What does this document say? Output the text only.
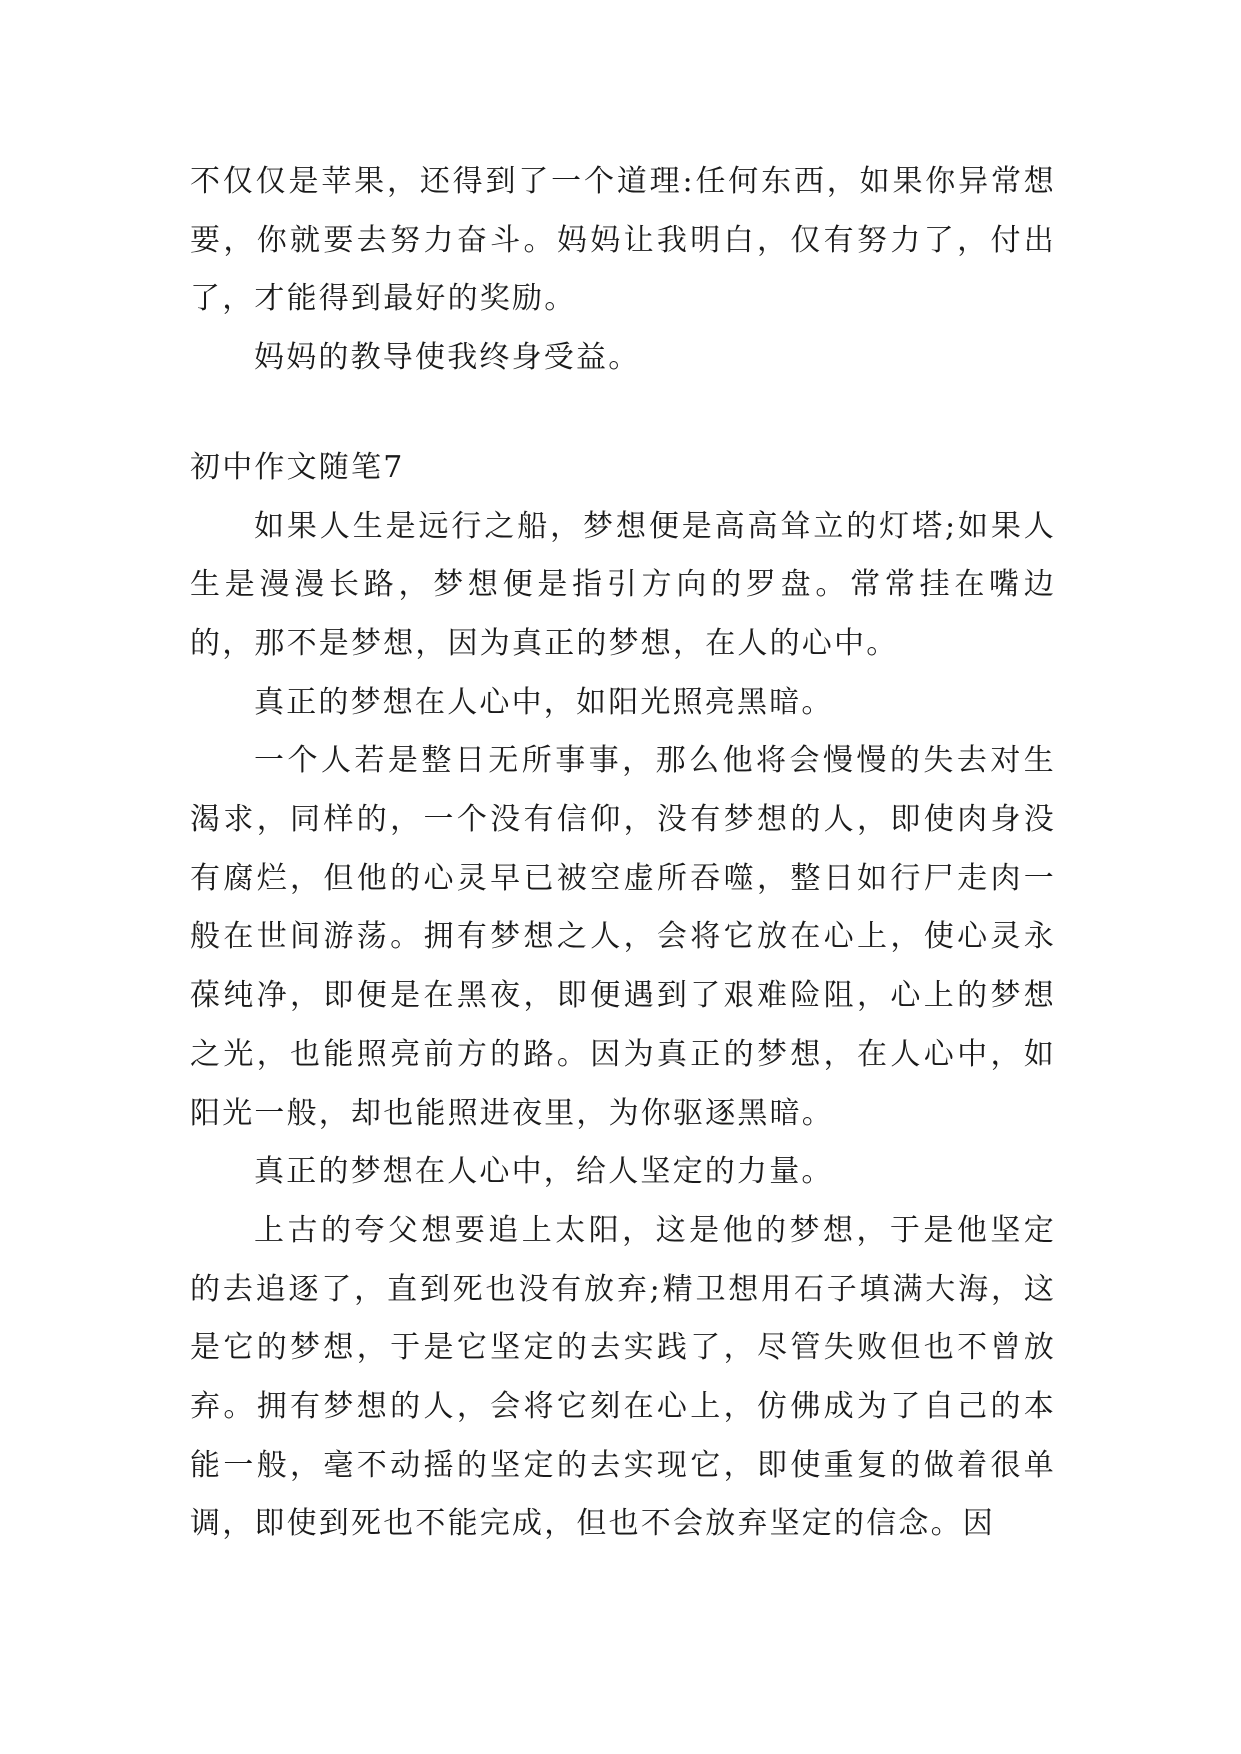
不仅仅是苹果，还得到了一个道理:任何东西，如果你异常想要，你就要去努力奋斗。妈妈让我明白，仅有努力了，付出了，才能得到最好的奖励。

妈妈的教导使我终身受益。

初中作文随笔7

如果人生是远行之船，梦想便是高高耸立的灯塔;如果人生是漫漫长路，梦想便是指引方向的罗盘。常常挂在嘴边的，那不是梦想，因为真正的梦想，在人的心中。

真正的梦想在人心中，如阳光照亮黑暗。

一个人若是整日无所事事，那么他将会慢慢的失去对生渴求，同样的，一个没有信仰，没有梦想的人，即使肉身没有腐烂，但他的心灵早已被空虚所吞噬，整日如行尸走肉一般在世间游荡。拥有梦想之人，会将它放在心上，使心灵永葆纯净，即便是在黑夜，即便遇到了艰难险阻，心上的梦想之光，也能照亮前方的路。因为真正的梦想，在人心中，如阳光一般，却也能照进夜里，为你驱逐黑暗。

真正的梦想在人心中，给人坚定的力量。

上古的夸父想要追上太阳，这是他的梦想，于是他坚定的去追逐了，直到死也没有放弃;精卫想用石子填满大海，这是它的梦想，于是它坚定的去实践了，尽管失败但也不曾放弃。拥有梦想的人，会将它刻在心上，仿佛成为了自己的本能一般，毫不动摇的坚定的去实现它，即使重复的做着很单调，即使到死也不能完成，但也不会放弃坚定的信念。因
